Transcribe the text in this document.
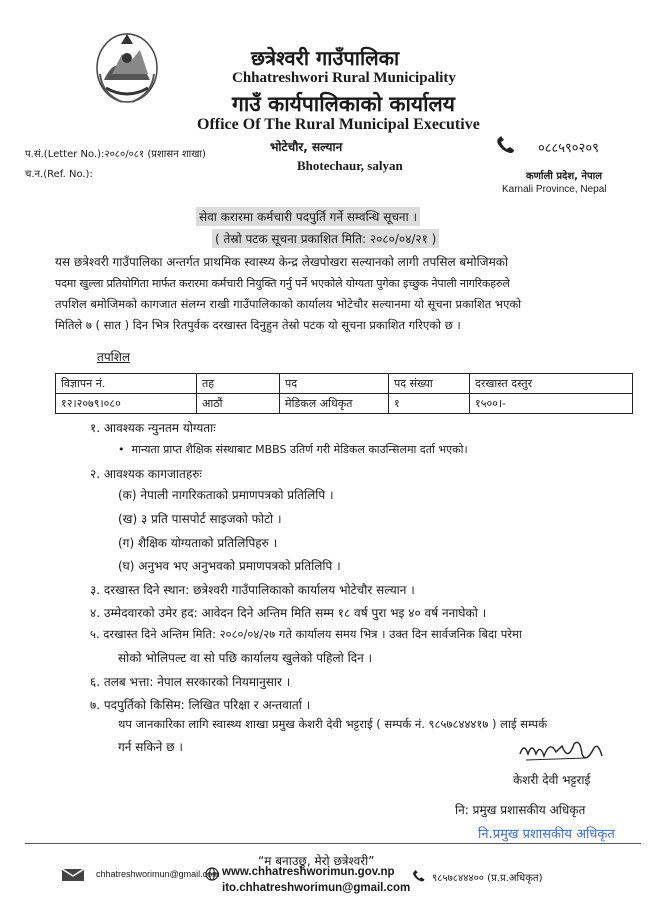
छत्रेश्वरी गाउँपालिका
Chhatreshwori Rural Municipality
गाउँ कार्यपालिकाको कार्यालय
Office Of The Rural Municipal Executive
भोटेचौर, सल्यान
Bhotechaur, salyan
०८८५९०२०९
प.सं.(Letter No.):२०८०/०८१ (प्रशासन शाखा)
च.न.(Ref. No.):	कर्णाली प्रदेश, नेपाल
Karnali Province, Nepal
सेवा करारमा कर्मचारी पदपुर्ति गर्ने सम्वन्धि सूचना ।
( तेस्रो पटक सूचना प्रकाशित मिति: २०८०/०४/२१ )
यस छत्रेश्वरी गाउँपालिका अन्तर्गत प्राथमिक स्वास्थ्य केन्द्र लेखपोखरा सल्यानको लागी तपसिल बमोजिमको
पदमा खुल्ला प्रतियोगिता मार्फत करारमा कर्मचारी नियुक्ति गर्नु पर्ने भएकोले योग्यता पुगेका इच्छुक नेपाली नागरिकहरुले
तपशिल बमोजिमको कागजात संलग्न राखी गाउँपालिकाको कार्यालय भोटेचौर सल्यानमा यो सूचना प्रकाशित भएको
मितिले ७ ( सात ) दिन भित्र रितपुर्वक दरखास्त दिनुहुन तेस्रो पटक यो सूचना प्रकाशित गरिएको छ ।
तपशिल
विज्ञापन नं.	तह	पद	पद संख्या	दरखास्त दस्तुर
१२।२०७९।०८०	आठौं	मेडिकल अधिकृत	१	१५००।-
१. आवश्यक न्युनतम योग्यताः
•  मान्यता प्राप्त शैक्षिक संस्थाबाट MBBS उतिर्ण गरी मेडिकल काउन्सिलमा दर्ता भएको।
२. आवश्यक कागजातहरुः
(क) नेपाली नागरिकताको प्रमाणपत्रको प्रतिलिपि ।
(ख) ३ प्रति पासपोर्ट साइजको फोटो ।
(ग) शैक्षिक योग्यताको प्रतिलिपिहरु ।
(घ) अनुभव भए अनुभवको प्रमाणपत्रको प्रतिलिपि ।
३. दरखास्त दिने स्थान: छत्रेश्वरी गाउँपालिकाको कार्यालय भोटेचौर सल्यान ।
४. उम्मेदवारको उमेर हद: आवेदन दिने अन्तिम मिति सम्म १८ वर्ष पुरा भइ ४० वर्ष ननाघेको ।
५. दरखास्त दिने अन्तिम मिति: २०८०/०४/२७ गते कार्यालय समय भित्र । उक्त दिन सार्वजनिक बिदा परेमा
सोको भोलिपल्ट वा सो पछि कार्यालय खुलेको पहिलो दिन ।
६. तलब भत्ता: नेपाल सरकारको नियमानुसार ।
७. पदपुर्तिको किसिम: लिखित परिक्षा र अन्तवार्ता ।
थप जानकारिका लागि स्वास्थ्य शाखा प्रमुख केशरी देवी भट्टराई ( सम्पर्क नं. ९८५७८४४४१७ ) लाई सम्पर्क
गर्न सकिने छ ।
केशरी देवी भट्टराई
नि: प्रमुख प्रशासकीय अधिकृत
नि.प्रमुख प्रशासकीय अधिकृत
“म बनाउछु, मेरो छत्रेश्वरी”
chhatreshworimun@gmail.com www.chhatreshworimun.gov.np
ito.chhatreshworimun@gmail.com
९८५७८४४४०० (प्र.प्र.अधिकृत)
